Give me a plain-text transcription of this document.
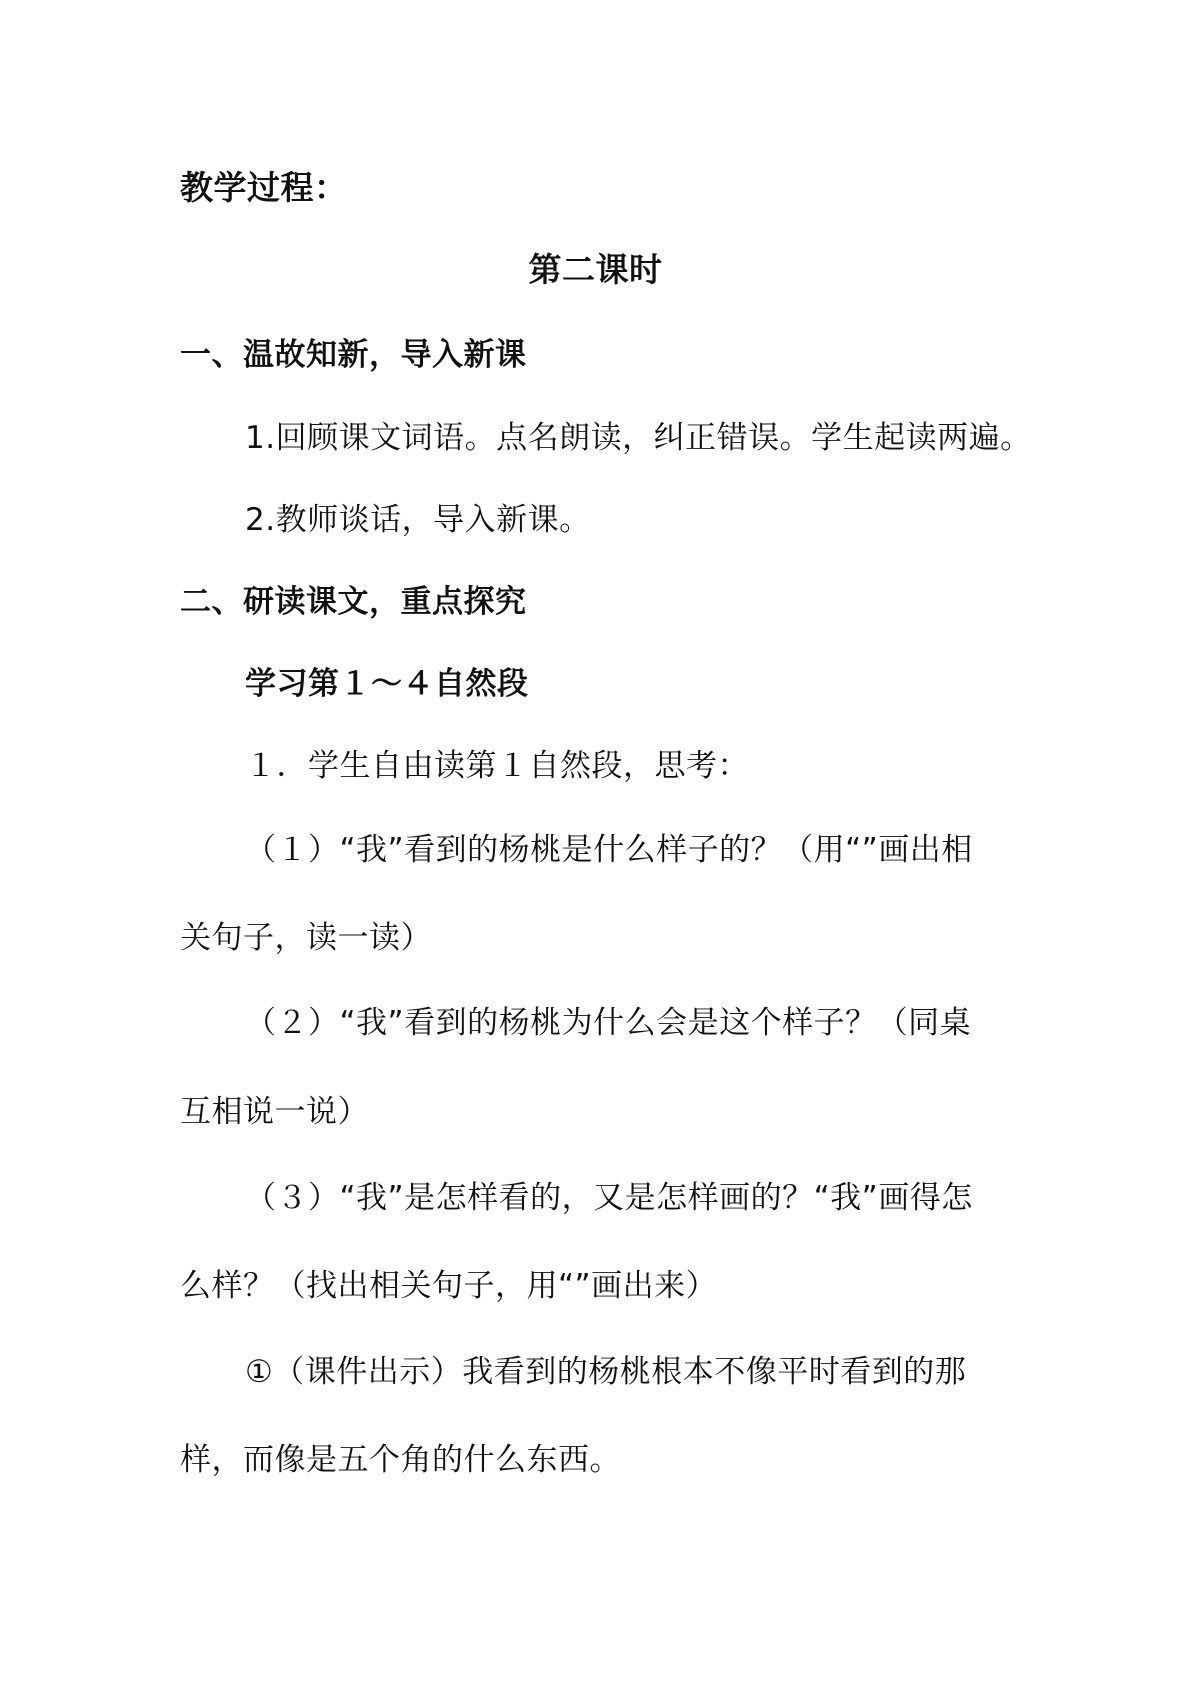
教学过程：
第二课时
一、温故知新，导入新课
1.回顾课文词语。点名朗读，纠正错误。学生起读两遍。
2.教师谈话，导入新课。
二、研读课文，重点探究
学习第１～４自然段
１．学生自由读第１自然段，思考：
（１）“我”看到的杨桃是什么样子的？（用“”画出相
关句子，读一读）
（２）“我”看到的杨桃为什么会是这个样子？（同桌
互相说一说）
（３）“我”是怎样看的，又是怎样画的？“我”画得怎
么样？（找出相关句子，用“”画出来）
①（课件出示）我看到的杨桃根本不像平时看到的那
样，而像是五个角的什么东西。
